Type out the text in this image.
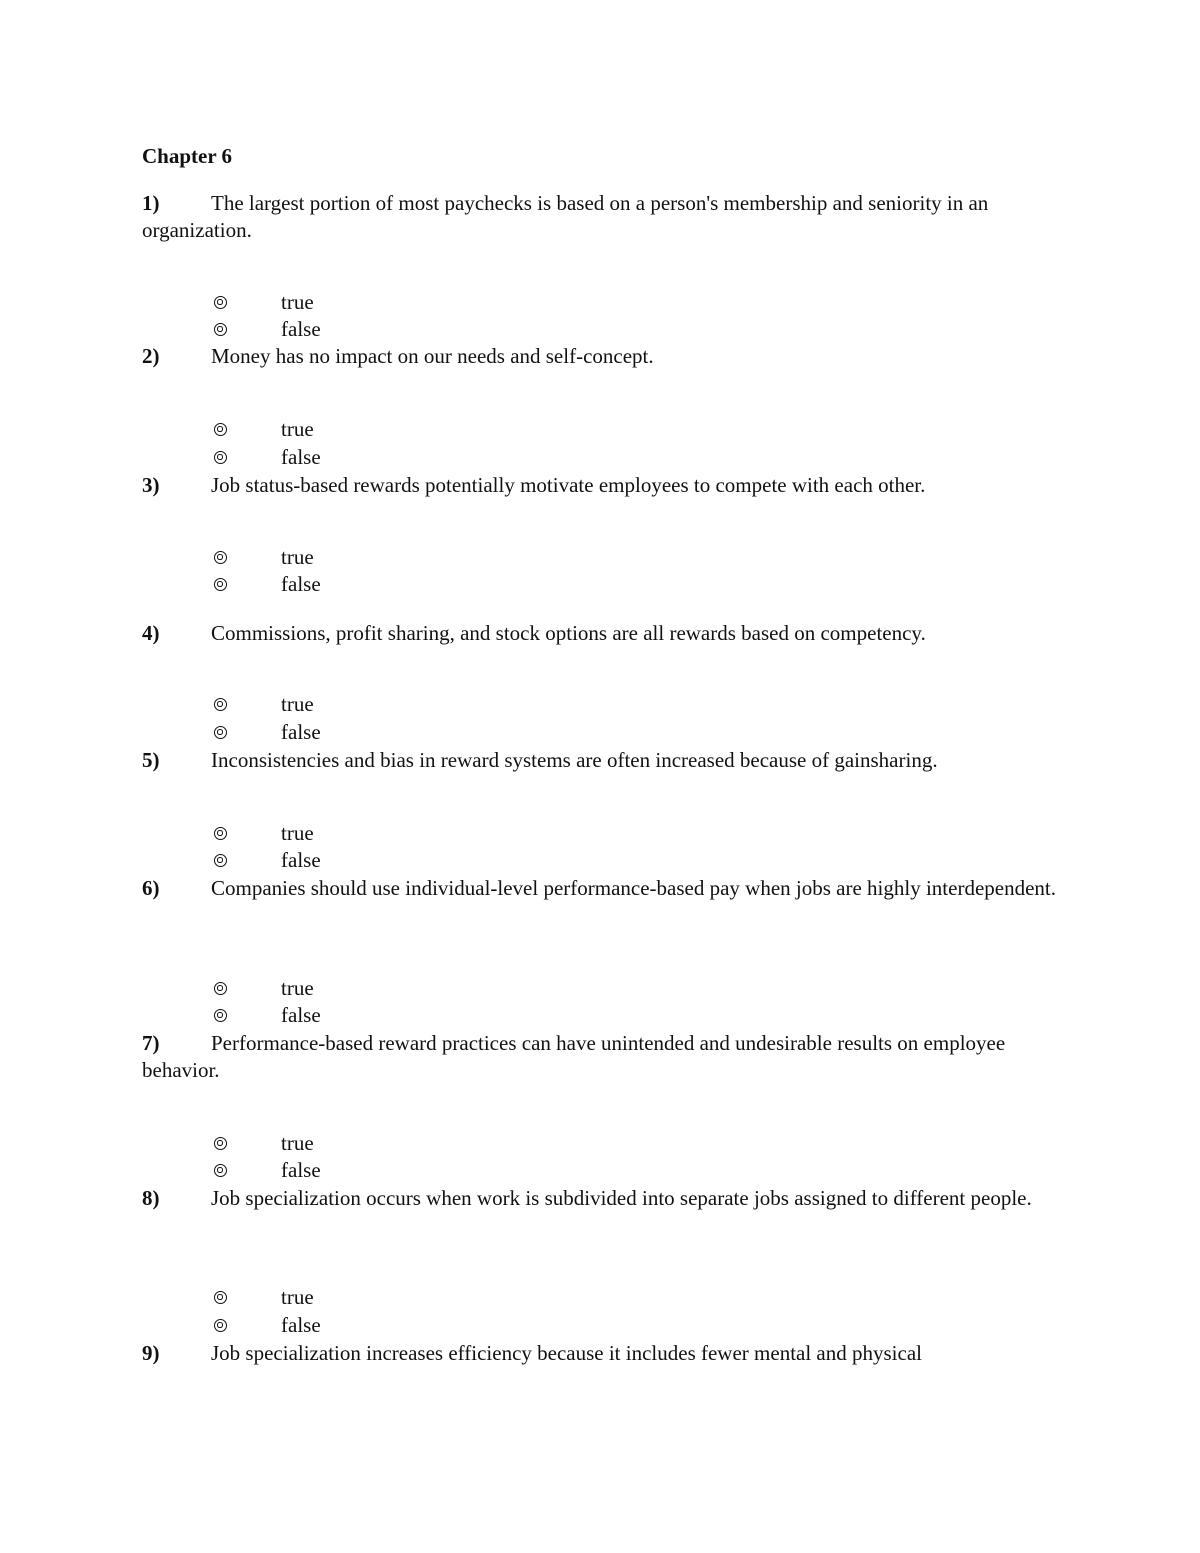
Chapter 6
1) The largest portion of most paychecks is based on a person's membership and seniority in an organization.
true
false
2) Money has no impact on our needs and self-concept.
true
false
3) Job status-based rewards potentially motivate employees to compete with each other.
true
false
4) Commissions, profit sharing, and stock options are all rewards based on competency.
true
false
5) Inconsistencies and bias in reward systems are often increased because of gainsharing.
true
false
6) Companies should use individual-level performance-based pay when jobs are highly interdependent.
true
false
7) Performance-based reward practices can have unintended and undesirable results on employee behavior.
true
false
8) Job specialization occurs when work is subdivided into separate jobs assigned to different people.
true
false
9) Job specialization increases efficiency because it includes fewer mental and physical
